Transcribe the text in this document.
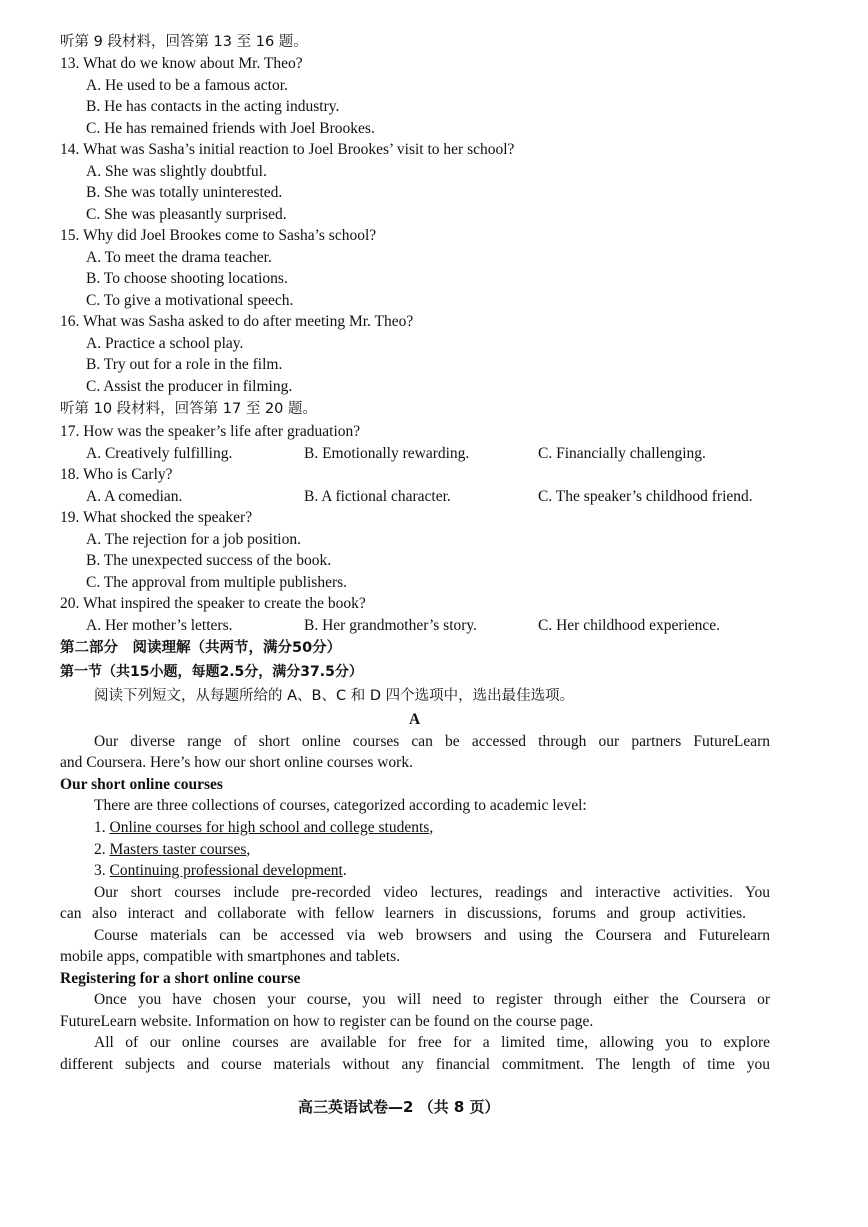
听第 9 段材料，回答第 13 至 16 题。
13. What do we know about Mr. Theo?
A. He used to be a famous actor.
B. He has contacts in the acting industry.
C. He has remained friends with Joel Brookes.
14. What was Sasha’s initial reaction to Joel Brookes’ visit to her school?
A. She was slightly doubtful.
B. She was totally uninterested.
C. She was pleasantly surprised.
15. Why did Joel Brookes come to Sasha’s school?
A. To meet the drama teacher.
B. To choose shooting locations.
C. To give a motivational speech.
16. What was Sasha asked to do after meeting Mr. Theo?
A. Practice a school play.
B. Try out for a role in the film.
C. Assist the producer in filming.
听第 10 段材料，回答第 17 至 20 题。
17. How was the speaker’s life after graduation?
A. Creatively fulfilling.	B. Emotionally rewarding.	C. Financially challenging.
18. Who is Carly?
A. A comedian.	B. A fictional character.	C. The speaker’s childhood friend.
19. What shocked the speaker?
A. The rejection for a job position.
B. The unexpected success of the book.
C. The approval from multiple publishers.
20. What inspired the speaker to create the book?
A. Her mother’s letters.	B. Her grandmother’s story.	C. Her childhood experience.
第二部分　阅读理解（共两节，满分50分）
第一节（共15小题，每题2.5分，满分37.5分）
阅读下列短文，从每题所给的 A、B、C 和 D 四个选项中，选出最佳选项。
A
Our diverse range of short online courses can be accessed through our partners FutureLearn
and Coursera. Here’s how our short online courses work.
Our short online courses
There are three collections of courses, categorized according to academic level:
1. Online courses for high school and college students,
2. Masters taster courses,
3. Continuing professional development.
Our short courses include pre-recorded video lectures, readings and interactive activities. You
can also interact and collaborate with fellow learners in discussions, forums and group activities.
Course materials can be accessed via web browsers and using the Coursera and Futurelearn
mobile apps, compatible with smartphones and tablets.
Registering for a short online course
Once you have chosen your course, you will need to register through either the Coursera or
FutureLearn website. Information on how to register can be found on the course page.
All of our online courses are available for free for a limited time, allowing you to explore
different subjects and course materials without any financial commitment. The length of time you
高三英语试卷—2 （共 8 页）
